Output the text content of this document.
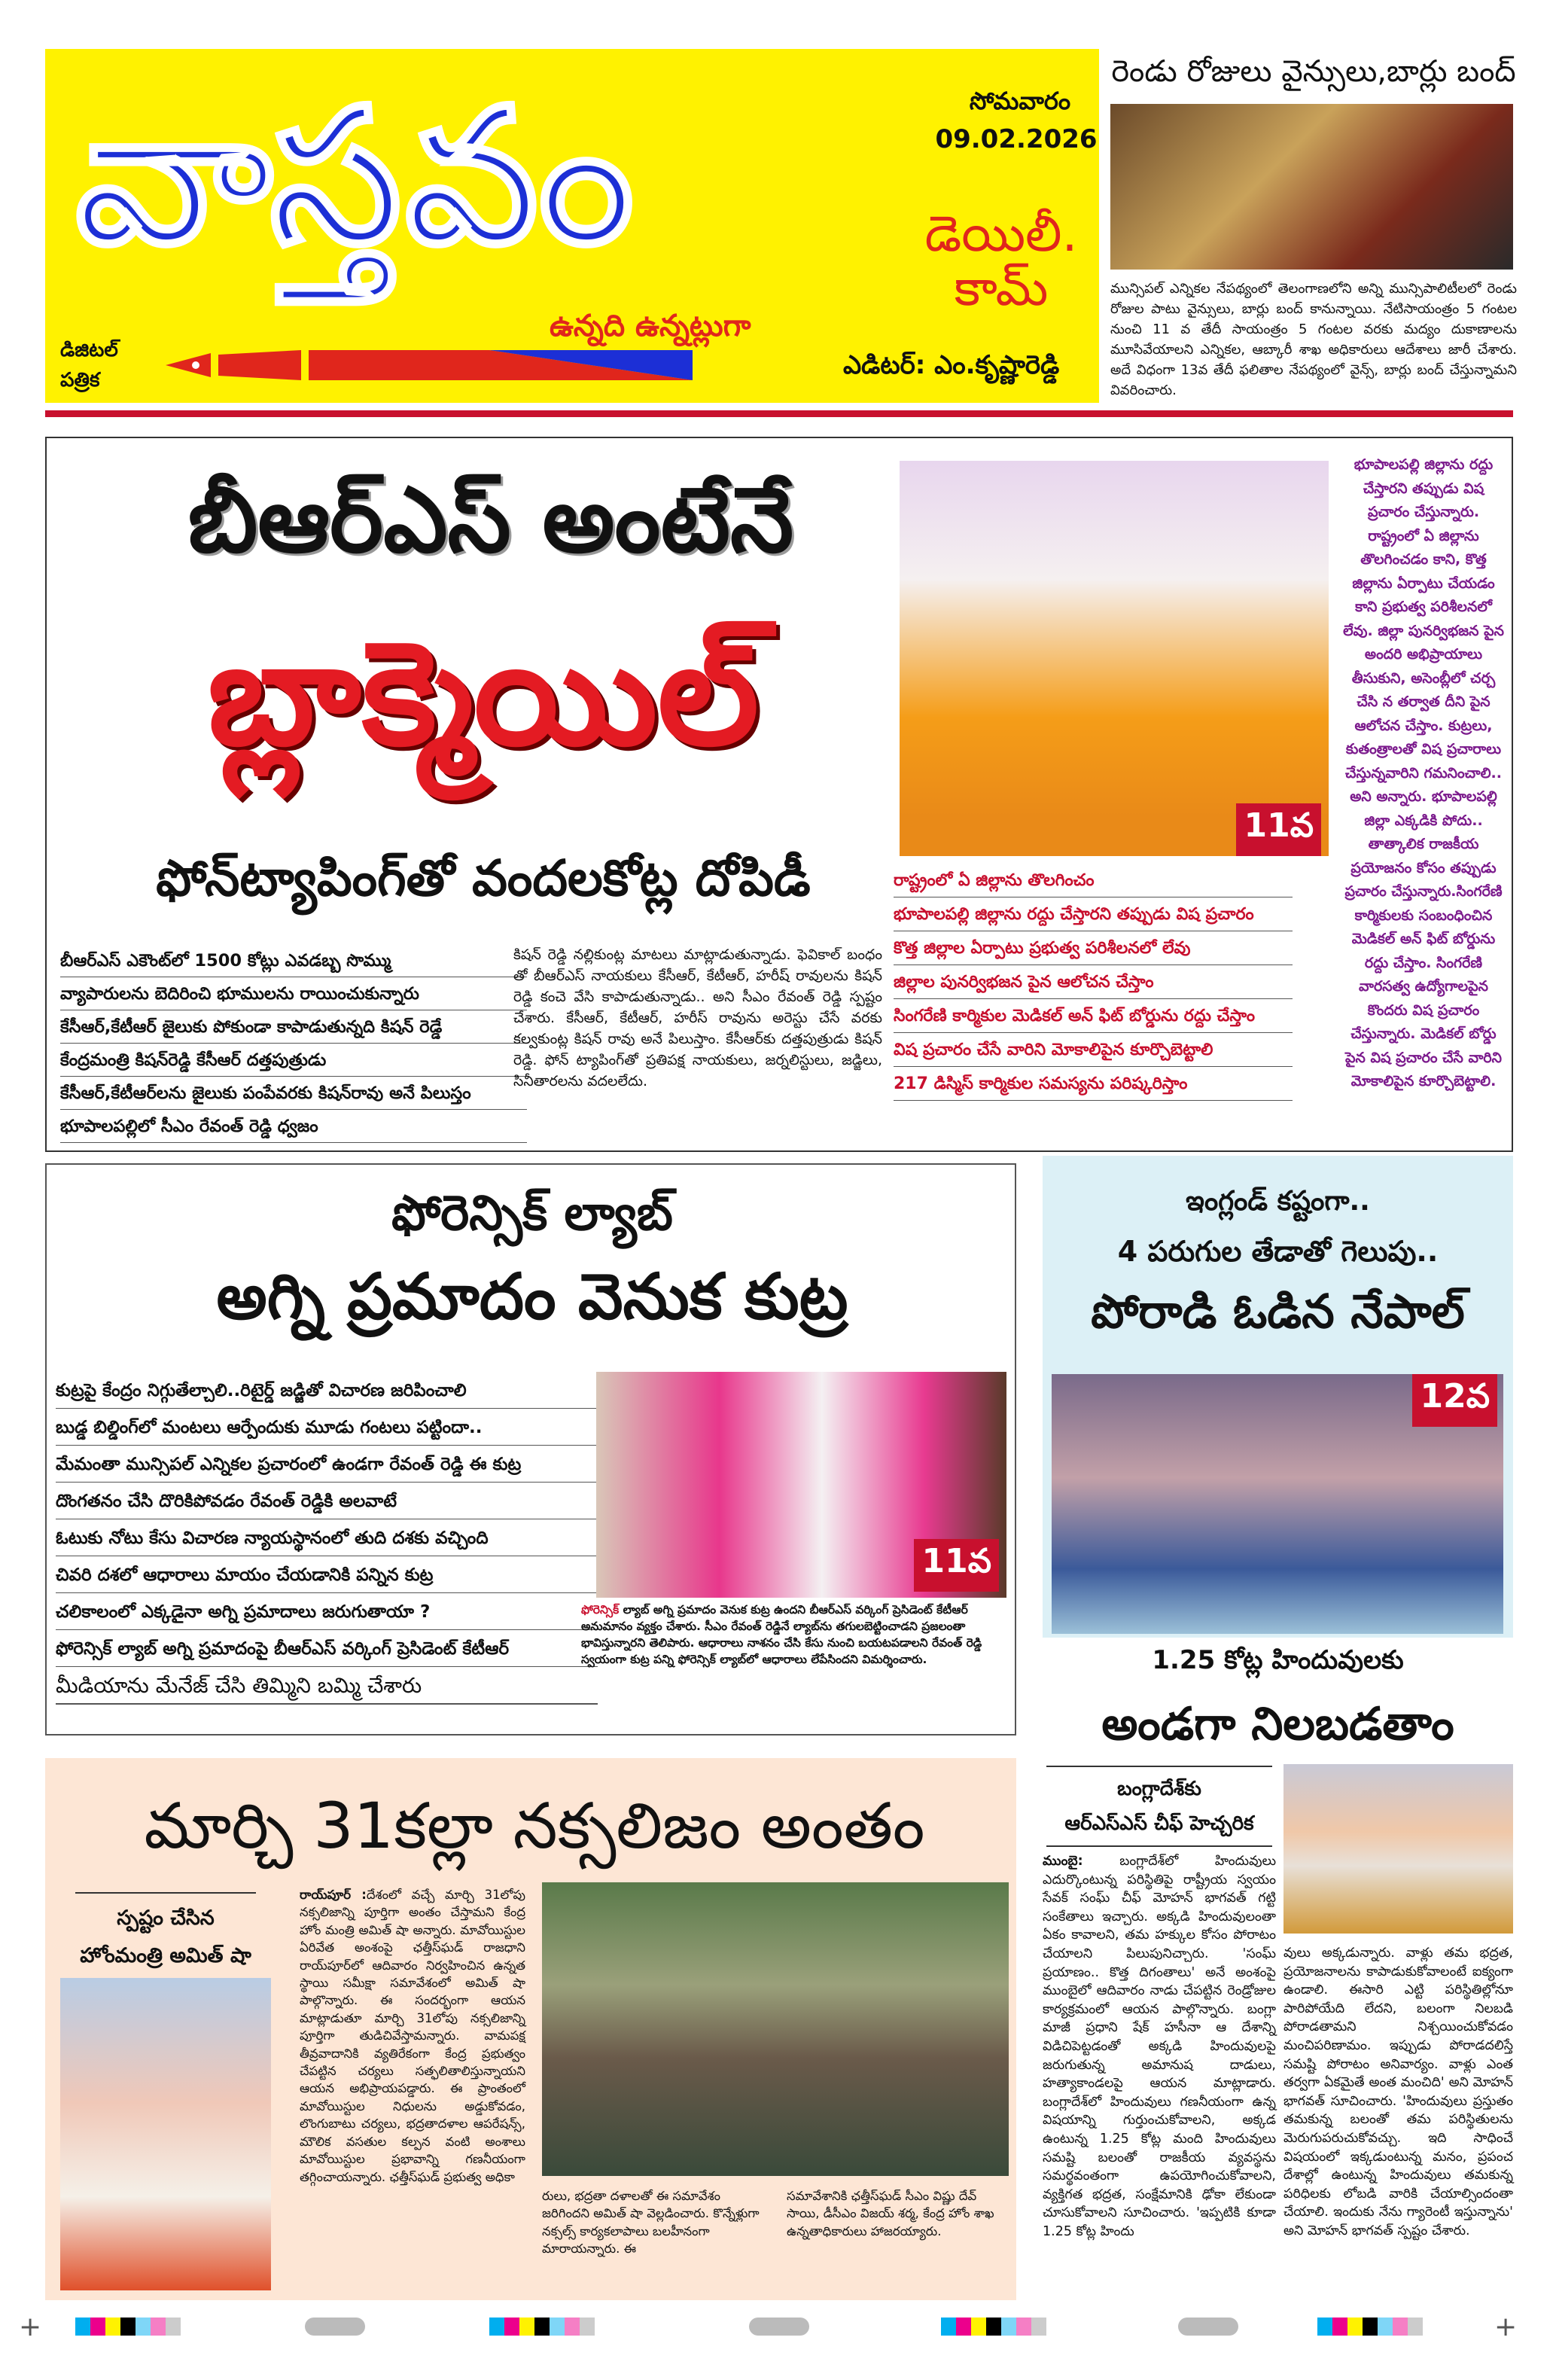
వాస్తవం
డిజిటల్ పత్రిక
ఉన్నది ఉన్నట్లుగా
సోమవారం
09.02.2026
డెయిలీ. కామ్
ఎడిటర్: ఎం.కృష్ణారెడ్డి
రెండు రోజులు వైన్సులు,బార్లు బంద్
మున్సిపల్ ఎన్నికల నేపథ్యంలో తెలంగాణలోని అన్ని మున్సిపాలిటీలలో రెండు రోజుల పాటు వైన్సులు, బార్లు బంద్ కానున్నాయి. నేటిసాయంత్రం 5 గంటల నుంచి 11 వ తేదీ సాయంత్రం 5 గంటల వరకు మద్యం దుకాణాలను మూసివేయాలని ఎన్నికల, ఆబ్కారీ శాఖ అధికారులు ఆదేశాలు జారీ చేశారు. అదే విధంగా 13వ తేదీ ఫలితాల నేపథ్యంలో వైన్స్, బార్లు బంద్ చేస్తున్నామని వివరించారు.
బీఆర్ఎస్ అంటేనే
బ్లాక్మెయిల్
ఫోన్‌ట్యాపింగ్‌తో వందలకోట్ల దోపిడీ
11వ
భూపాలపల్లి జిల్లాను రద్దు చేస్తారని తప్పుడు విష ప్రచారం చేస్తున్నారు. రాష్ట్రంలో ఏ జిల్లాను తొలగించడం కాని, కొత్త జిల్లాను ఏర్పాటు చేయడం కాని ప్రభుత్వ పరిశీలనలో లేవు. జిల్లా పునర్విభజన పైన అందరి అభిప్రాయాలు తీసుకుని, అసెంబ్లీలో చర్చ చేసి న తర్వాత దీని పైన ఆలోచన చేస్తాం. కుట్రలు, కుతంత్రాలతో విష ప్రచారాలు చేస్తున్నవారిని గమనించాలి.. అని అన్నారు. భూపాలపల్లి జిల్లా ఎక్కడికి పోదు.. తాత్కాలిక రాజకీయ ప్రయోజనం కోసం తప్పుడు ప్రచారం చేస్తున్నారు.సింగరేణి కార్మికులకు సంబంధించిన మెడికల్ అన్ ఫిట్ బోర్డును రద్దు చేస్తాం. సింగరేణి వారసత్వ ఉద్యోగాలపైన కొందరు విష ప్రచారం చేస్తున్నారు. మెడికల్ బోర్డు పైన విష ప్రచారం చేసే వారిని మోకాలిపైన కూర్చొబెట్టాలి.
బీఆర్ఎస్ ఎకౌంట్‌లో 1500 కోట్లు ఎవడబ్బ సొమ్ము
వ్యాపారులను బెదిరించి భూములను రాయించుకున్నారు
కేసీఆర్,కేటీఆర్ జైలుకు పోకుండా కాపాడుతున్నది కిషన్ రెడ్డే
కేంద్రమంత్రి కిషన్‌రెడ్డి కేసీఆర్ దత్తపుత్రుడు
కేసీఆర్,కేటీఆర్‌లను జైలుకు పంపేవరకు కిషన్‌రావు అనే పిలుస్తం
భూపాలపల్లిలో సీఎం రేవంత్ రెడ్డి ధ్వజం
కిషన్ రెడ్డి నల్లికుంట్ల మాటలు మాట్లాడుతున్నాడు. ఫెవికాల్ బంధం తో బీఆర్ఎస్ నాయకులు కేసీఆర్, కేటీఆర్, హరీష్ రావులను కిషన్ రెడ్డి కంచె వేసి కాపాడుతున్నాడు.. అని సీఎం రేవంత్ రెడ్డి స్పష్టం చేశారు. కేసీఆర్, కేటీఆర్, హరీస్ రావును అరెస్టు చేసే వరకు కల్వకుంట్ల కిషన్ రావు అనే పిలుస్తాం. కేసీఆర్‌కు దత్తపుత్రుడు కిషన్ రెడ్డి. ఫోన్ ట్యాపింగ్‌తో ప్రతిపక్ష నాయకులు, జర్నలిస్టులు, జడ్జిలు, సినీతారలను వదలలేదు.
రాష్ట్రంలో ఏ జిల్లాను తొలగించం
భూపాలపల్లి జిల్లాను రద్దు చేస్తారని తప్పుడు విష ప్రచారం
కొత్త జిల్లాల ఏర్పాటు ప్రభుత్వ పరిశీలనలో లేవు
జిల్లాల పునర్విభజన పైన ఆలోచన చేస్తాం
సింగరేణి కార్మికుల మెడికల్ అన్ ఫిట్ బోర్డును రద్దు చేస్తాం
విష ప్రచారం చేసే వారిని మోకాలిపైన కూర్చొబెట్టాలి
217 డిస్మిస్ కార్మికుల సమస్యను పరిష్కరిస్తాం
ఫోరెన్సిక్ ల్యాబ్
అగ్ని ప్రమాదం వెనుక కుట్ర
కుట్రపై కేంద్రం నిగ్గుతేల్చాలి..రిటైర్డ్ జడ్జితో విచారణ జరిపించాలి
బుడ్డ బిల్డింగ్‌లో మంటలు ఆర్పేందుకు మూడు గంటలు పట్టిందా..
మేమంతా మున్సిపల్ ఎన్నికల ప్రచారంలో ఉండగా రేవంత్ రెడ్డి ఈ కుట్ర
దొంగతనం చేసి దొరికిపోవడం రేవంత్ రెడ్డికి అలవాటే
ఓటుకు నోటు కేసు విచారణ న్యాయస్థానంలో తుది దశకు వచ్చింది
చివరి దశలో ఆధారాలు మాయం చేయడానికి పన్నిన కుట్ర
చలికాలంలో ఎక్కడైనా అగ్ని ప్రమాదాలు జరుగుతాయా ?
ఫోరెన్సిక్ ల్యాబ్ అగ్ని ప్రమాదంపై బీఆర్ఎస్ వర్కింగ్ ప్రెసిడెంట్ కేటీఆర్
మీడియాను మేనేజ్ చేసి తిమ్మిని బమ్మి చేశారు
11వ
ఫోరెన్సిక్ ల్యాబ్ అగ్ని ప్రమాదం వెనుక కుట్ర ఉందని బీఆర్ఎస్ వర్కింగ్ ప్రెసిడెంట్ కేటీఆర్ అనుమానం వ్యక్తం చేశారు. సీఎం రేవంత్ రెడ్డినే ల్యాబ్‌ను తగులబెట్టించాడని ప్రజలంతా భావిస్తున్నారని తెలిపారు. ఆధారాలు నాశనం చేసి కేసు నుంచి బయటపడాలని రేవంత్ రెడ్డి స్వయంగా కుట్ర పన్ని ఫోరెన్సిక్ ల్యాబ్‌లో ఆధారాలు లేపేసిందని విమర్శించారు.
ఇంగ్లండ్ కష్టంగా..
4 పరుగుల తేడాతో గెలుపు..
పోరాడి ఓడిన నేపాల్
12వ
1.25 కోట్ల హిందువులకు
అండగా నిలబడతాం
బంగ్లాదేశ్‌కు
ఆర్ఎస్ఎస్ చీఫ్ హెచ్చరిక
ముంబై: బంగ్లాదేశ్‌లో హిందువులు ఎదుర్కొంటున్న పరిస్థితిపై రాష్ట్రీయ స్వయం సేవక్ సంఘ్ చీఫ్ మోహన్ భాగవత్ గట్టి సంకేతాలు ఇచ్చారు. అక్కడి హిందువులంతా ఏకం కావాలని, తమ హక్కుల కోసం పోరాటం చేయాలని పిలుపునిచ్చారు. 'సంఘ్ ప్రయాణం.. కొత్త దిగంతాలు' అనే అంశంపై ముంబైలో ఆదివారం నాడు చేపట్టిన రెండ్రోజుల కార్యక్రమంలో ఆయన పాల్గొన్నారు. బంగ్లా మాజీ ప్రధాని షేక్ హసీనా ఆ దేశాన్ని విడిచిపెట్టడంతో అక్కడి హిందువులపై జరుగుతున్న అమానుష దాడులు, హత్యాకాండలపై ఆయన మాట్లాడారు. బంగ్లాదేశ్‌లో హిందువులు గణనీయంగా ఉన్న విషయాన్ని గుర్తుంచుకోవాలని, అక్కడ ఉంటున్న 1.25 కోట్ల మంది హిందువులు సమష్టి బలంతో రాజకీయ వ్యవస్థను సమర్థవంతంగా ఉపయోగించుకోవాలని, వ్యక్తిగత భద్రత, సంక్షేమానికి ఢోకా లేకుండా చూసుకోవాలని సూచించారు. 'ఇప్పటికి కూడా 1.25 కోట్ల హిందు
వులు అక్కడున్నారు. వాళ్లు తమ భద్రత, ప్రయోజనాలను కాపాడుకుకోవాలంటే ఐక్యంగా ఉండాలి. ఈసారి ఎట్టి పరిస్థితిల్లోనూ పారిపోయేది లేదని, బలంగా నిలబడి పోరాడతామని నిశ్చయించుకోవడం మంచిపరిణామం. ఇప్పుడు పోరాడదలిస్తే సమష్టి పోరాటం అనివార్యం. వాళ్లు ఎంత తర్వగా ఏకమైతే అంత మంచిది' అని మోహన్ భాగవత్ సూచించారు. 'హిందువులు ప్రస్తుతం తమకున్న బలంతో తమ పరిస్థితులను మెరుగుపరుచుకోవచ్చు. ఇది సాధించే విషయంలో ఇక్కడుంటున్న మనం, ప్రపంచ దేశాల్లో ఉంటున్న హిందువులు తమకున్న పరిధిలకు లోబడి వారికి చేయాల్సిందంతా చేయాలి. ఇందుకు నేను గ్యారెంటీ ఇస్తున్నాను' అని మోహన్ భాగవత్ స్పష్టం చేశారు.
మార్చి 31కల్లా నక్సలిజం అంతం
స్పష్టం చేసిన
హోంమంత్రి అమిత్ షా
రాయ్‌పూర్ :దేశంలో వచ్చే మార్చి 31లోపు నక్సలిజాన్ని పూర్తిగా అంతం చేస్తామని కేంద్ర హోం మంత్రి అమిత్ షా అన్నారు. మావోయిస్టుల ఏరివేత అంశంపై ఛత్తీస్‌ఘడ్ రాజధాని రాయ్‌పూర్‌లో ఆదివారం నిర్వహించిన ఉన్నత స్థాయి సమీక్షా సమావేశంలో అమిత్ షా పాల్గొన్నారు. ఈ సందర్భంగా ఆయన మాట్లాడుతూ మార్చి 31లోపు నక్సలిజాన్ని పూర్తిగా తుడిచివేస్తామన్నారు. వామపక్ష తీవ్రవాదానికి వ్యతిరేకంగా కేంద్ర ప్రభుత్వం చేపట్టిన చర్యలు సత్ఫలితాలిస్తున్నాయని ఆయన అభిప్రాయపడ్డారు. ఈ ప్రాంతంలో మావోయిస్టుల నిధులను అడ్డుకోవడం, లొంగుబాటు చర్యలు, భద్రతాదళాల ఆపరేషన్స్, మౌలిక వసతుల కల్పన వంటి అంశాలు మావోయిస్టుల ప్రభావాన్ని గణనీయంగా తగ్గించాయన్నారు. ఛత్తీస్‌ఘడ్ ప్రభుత్వ అధికా
రులు, భద్రతా దళాలతో ఈ సమావేశం జరిగిందని అమిత్ షా వెల్లడించారు. కొన్నేళ్లుగా నక్సల్స్ కార్యకలాపాలు బలహీనంగా మారాయన్నారు. ఈ
సమావేశానికి ఛత్తీస్‌ఘడ్ సీఎం విష్ణు దేవ్ సాయి, డీసీఎం విజయ్ శర్మ, కేంద్ర హోం శాఖ ఉన్నతాధికారులు హాజరయ్యారు.
+	+
